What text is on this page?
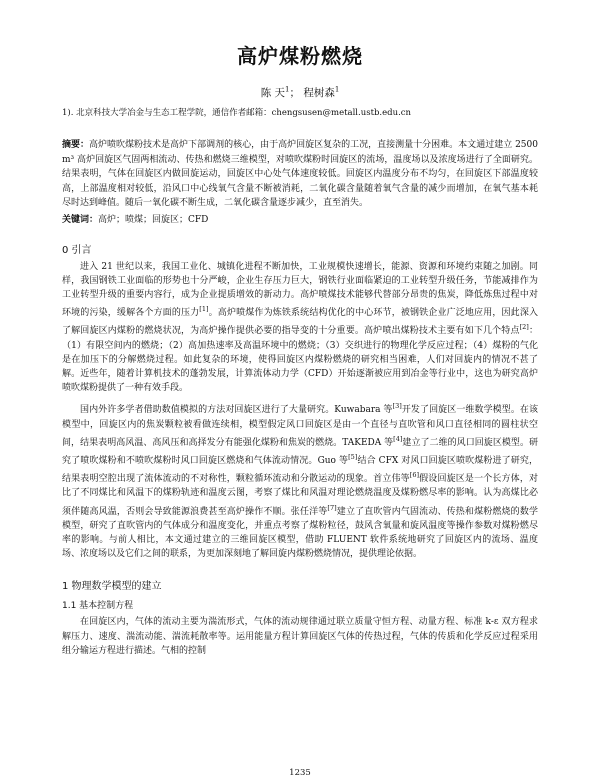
高炉煤粉燃烧
陈 天$^1$； 程树森$^1$
1). 北京科技大学冶金与生态工程学院，通信作者邮箱：chengsusen@metall.ustb.edu.cn
摘要：高炉喷吹煤粉技术是高炉下部调剂的核心，由于高炉回旋区复杂的工况，直接测量十分困难。本文通过建立 2500 m³ 高炉回旋区气固两相流动、传热和燃烧三维模型，对喷吹煤粉时回旋区的流场，温度场以及浓度场进行了全面研究。结果表明，气体在回旋区内做回旋运动，回旋区中心处气体速度较低。回旋区内温度分布不均匀，在回旋区下部温度较高，上部温度相对较低，沿风口中心线氧气含量不断被消耗，二氧化碳含量随着氧气含量的减少而增加，在氧气基本耗尽时达到峰值。随后一氧化碳不断生成，二氧化碳含量逐步减少，直至消失。
关键词：高炉；喷煤；回旋区；CFD
0 引言

进入 21 世纪以来，我国工业化、城镇化进程不断加快，工业规模快速增长，能源、资源和环境约束随之加剧。同样，我国钢铁工业面临的形势也十分严峻，企业生存压力巨大，钢铁行业面临紧迫的工业转型升级任务，节能减排作为工业转型升级的重要内容行，成为企业提质增效的新动力。高炉喷煤技术能够代替部分昂贵的焦炭，降低炼焦过程中对环境的污染，缓解各个方面的压力[1]。高炉喷煤作为炼铁系统结构优化的中心环节，被钢铁企业广泛地应用，因此深入了解回旋区内煤粉的燃烧状况，为高炉操作提供必要的指导变的十分重要。高炉喷出煤粉技术主要有如下几个特点[2]：（1）有限空间内的燃烧；（2）高加热速率及高温环境中的燃烧；（3）交织进行的物理化学反应过程；（4）煤粉的气化是在加压下的分解燃烧过程。如此复杂的环境，使得回旋区内煤粉燃烧的研究相当困难，人们对回旋内的情况不甚了解。近些年，随着计算机技术的蓬勃发展，计算流体动力学（CFD）开始逐渐被应用到冶金等行业中，这也为研究高炉喷吹煤粉提供了一种有效手段。

国内外许多学者借助数值模拟的方法对回旋区进行了大量研究。Kuwabara 等[3]开发了回旋区一维数学模型。在该模型中，回旋区内的焦炭颗粒被看做连续相，模型假定风口回旋区是由一个直径与直吹管和风口直径相同的圆柱状空间，结果表明高风温、高风压和高择发分有能强化煤粉和焦炭的燃烧。TAKEDA 等[4]建立了二维的风口回旋区模型。研究了喷吹煤粉和不喷吹煤粉时风口回旋区燃烧和气体流动情况。Guo 等[5]结合 CFX 对风口回旋区喷吹煤粉进了研究，结果表明空腔出现了流体流动的不对称性，颗粒循环流动和分散运动的现象。首立伟等[6]假设回旋区是一个长方体，对比了不同煤比和风温下的煤粉轨迹和温度云图，考察了煤比和风温对理论燃烧温度及煤粉燃尽率的影响。认为高煤比必须伴随高风温，否则会导致能源浪费甚至高炉操作不顺。张任洋等[7]建立了直吹管内气固流动、传热和煤粉燃烧的数学模型，研究了直吹管内的气体成分和温度变化，并重点考察了煤粉粒径，鼓风含氧量和旋风温度等操作参数对煤粉燃尽率的影响。与前人相比，本文通过建立的三维回旋区模型，借助 FLUENT 软件系统地研究了回旋区内的流场、温度场、浓度场以及它们之间的联系，为更加深刻地了解回旋内煤粉燃烧情况，提供理论依据。

1 物理数学模型的建立
1.1 基本控制方程

在回旋区内，气体的流动主要为湍流形式，气体的流动规律通过联立质量守恒方程、动量方程、标准 k-ε 双方程求解压力、速度、湍流动能、湍流耗散率等。运用能量方程计算回旋区气体的传热过程，气体的传质和化学反应过程采用组分输运方程进行描述。气相的控制

1235
